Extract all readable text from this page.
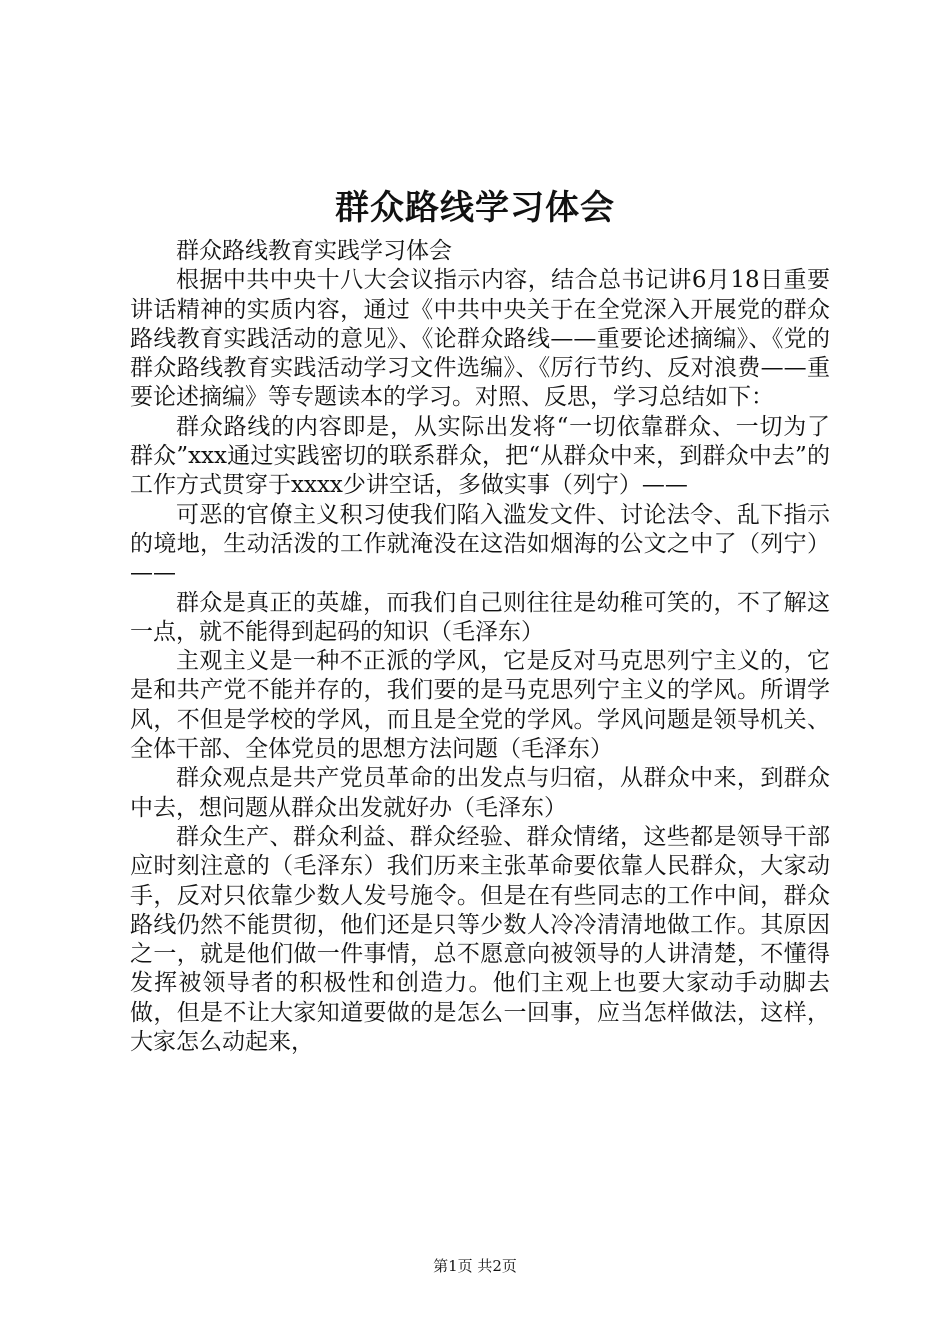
群众路线学习体会

群众路线教育实践学习体会

根据中共中央十八大会议指示内容，结合总书记讲6月18日重要讲话精神的实质内容，通过《中共中央关于在全党深入开展党的群众路线教育实践活动的意见》、《论群众路线——重要论述摘编》、《党的群众路线教育实践活动学习文件选编》、《厉行节约、反对浪费——重要论述摘编》等专题读本的学习。对照、反思，学习总结如下：

群众路线的内容即是，从实际出发将“一切依靠群众、一切为了群众”xxx通过实践密切的联系群众，把“从群众中来，到群众中去”的工作方式贯穿于xxxx少讲空话，多做实事（列宁）——

可恶的官僚主义积习使我们陷入滥发文件、讨论法令、乱下指示的境地，生动活泼的工作就淹没在这浩如烟海的公文之中了（列宁）——

群众是真正的英雄，而我们自己则往往是幼稚可笑的，不了解这一点，就不能得到起码的知识（毛泽东）

主观主义是一种不正派的学风，它是反对马克思列宁主义的，它是和共产党不能并存的，我们要的是马克思列宁主义的学风。所谓学风，不但是学校的学风，而且是全党的学风。学风问题是领导机关、全体干部、全体党员的思想方法问题（毛泽东）

群众观点是共产党员革命的出发点与归宿，从群众中来，到群众中去，想问题从群众出发就好办（毛泽东）

群众生产、群众利益、群众经验、群众情绪，这些都是领导干部应时刻注意的（毛泽东）我们历来主张革命要依靠人民群众，大家动手，反对只依靠少数人发号施令。但是在有些同志的工作中间，群众路线仍然不能贯彻，他们还是只等少数人冷冷清清地做工作。其原因之一，就是他们做一件事情，总不愿意向被领导的人讲清楚，不懂得发挥被领导者的积极性和创造力。他们主观上也要大家动手动脚去做，但是不让大家知道要做的是怎么一回事，应当怎样做法，这样，大家怎么动起来，

第1页 共2页
